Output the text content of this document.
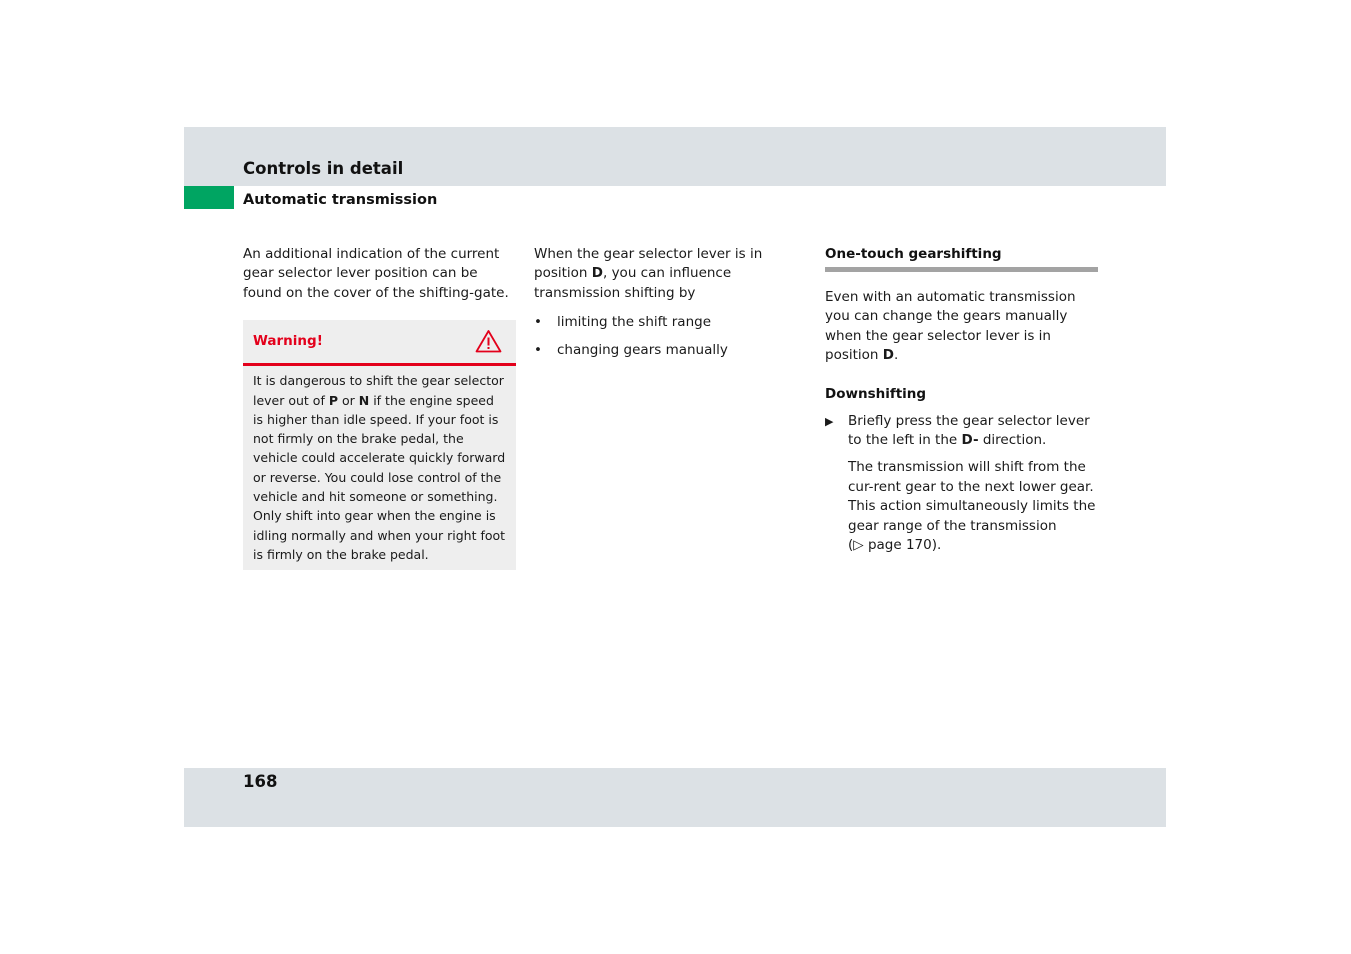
Controls in detail
Automatic transmission

An additional indication of the current gear selector lever position can be found on the cover of the shifting-gate.

Warning!
It is dangerous to shift the gear selector lever out of P or N if the engine speed is higher than idle speed. If your foot is not firmly on the brake pedal, the vehicle could accelerate quickly forward or reverse. You could lose control of the vehicle and hit someone or something. Only shift into gear when the engine is idling normally and when your right foot is firmly on the brake pedal.

When the gear selector lever is in position D, you can influence transmission shifting by

• limiting the shift range
• changing gears manually
One-touch gearshifting

Even with an automatic transmission you can change the gears manually when the gear selector lever is in position D.

Downshifting

▶ Briefly press the gear selector lever to the left in the D- direction.

The transmission will shift from the cur-rent gear to the next lower gear. This action simultaneously limits the gear range of the transmission
(▷ page 170).

168
